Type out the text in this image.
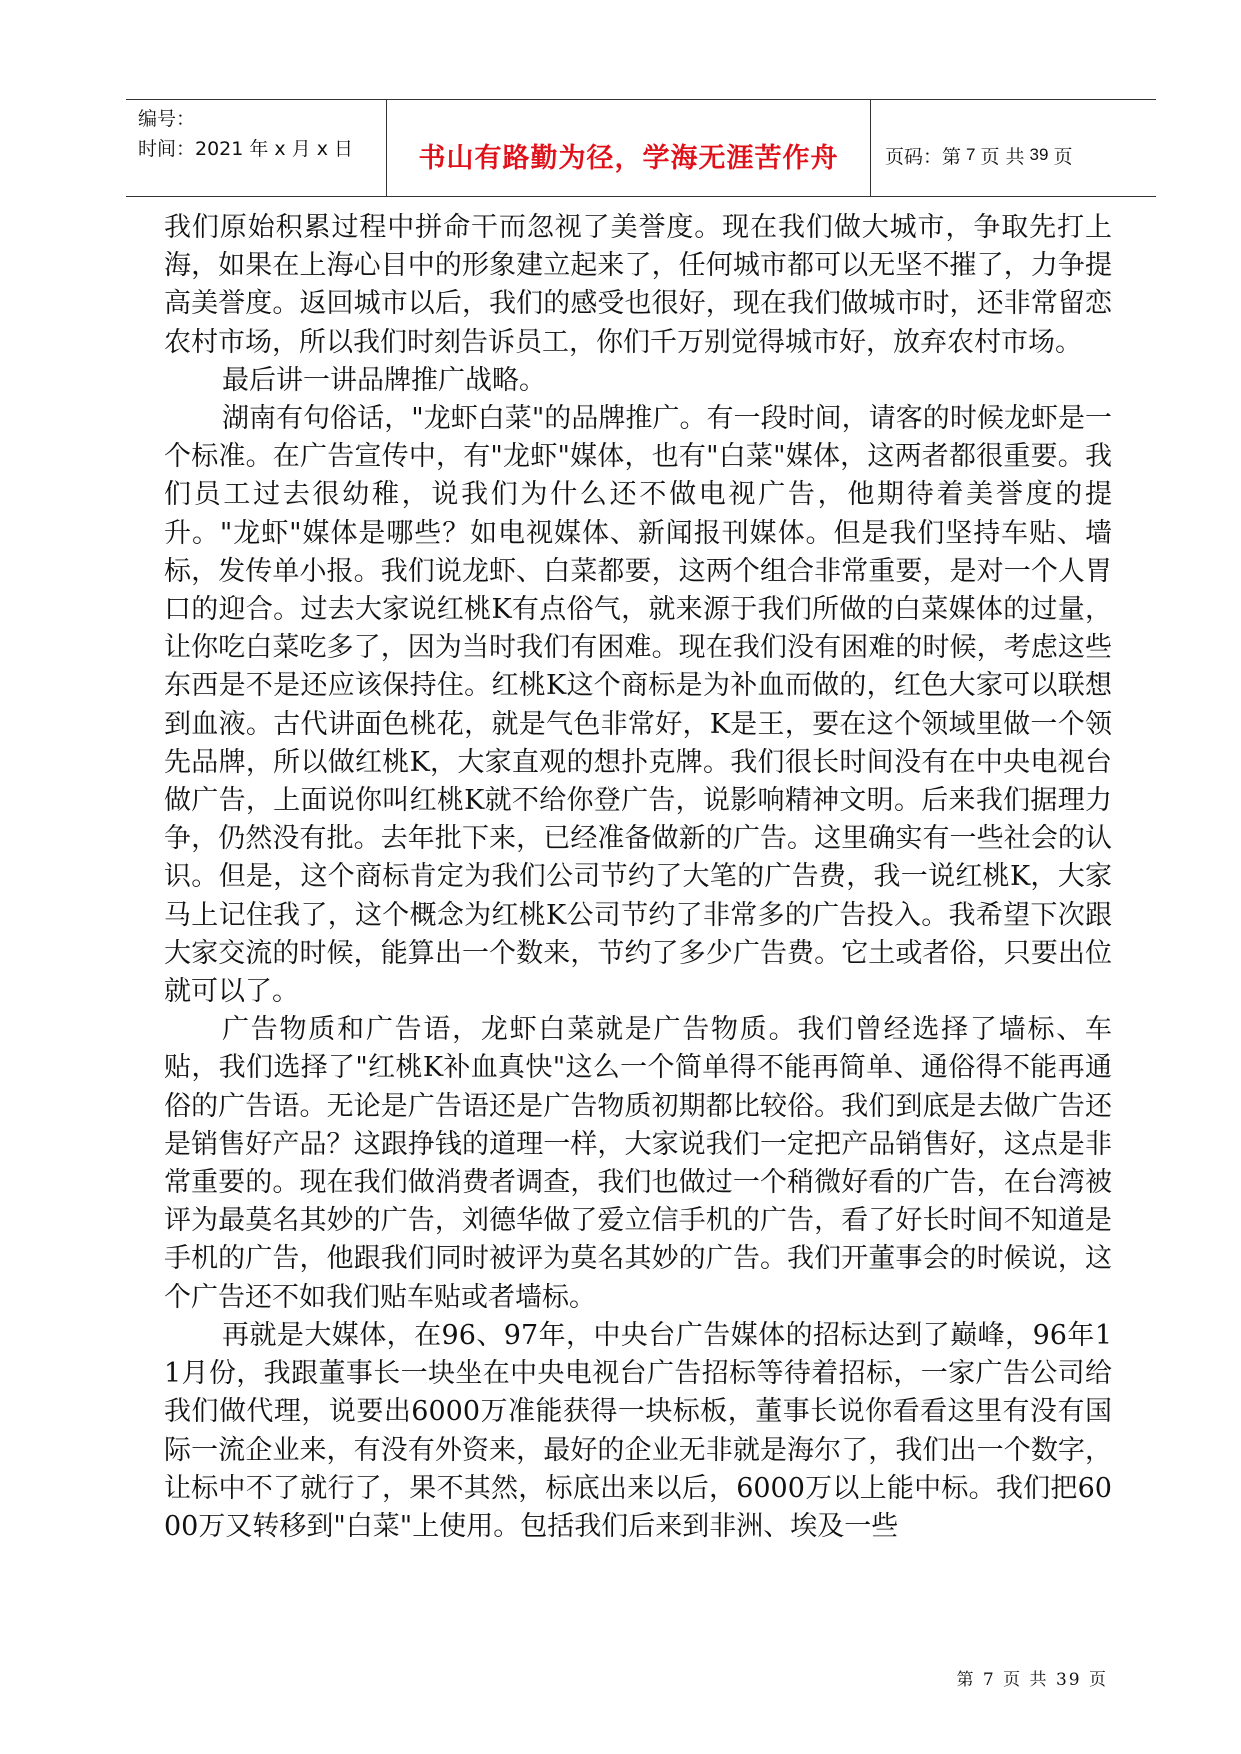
编号：
时间：2021 年 x 月 x 日	书山有路勤为径，学海无涯苦作舟 页码：第 7 页 共 39 页

我们原始积累过程中拼命干而忽视了美誉度。现在我们做大城市，争取先打上海，如果在上海心目中的形象建立起来了，任何城市都可以无坚不摧了，力争提高美誉度。返回城市以后，我们的感受也很好，现在我们做城市时，还非常留恋农村市场，所以我们时刻告诉员工，你们千万别觉得城市好，放弃农村市场。

最后讲一讲品牌推广战略。

湖南有句俗话，"龙虾白菜"的品牌推广。有一段时间，请客的时候龙虾是一个标准。在广告宣传中，有"龙虾"媒体，也有"白菜"媒体，这两者都很重要。我们员工过去很幼稚，说我们为什么还不做电视广告，他期待着美誉度的提升。"龙虾"媒体是哪些？如电视媒体、新闻报刊媒体。但是我们坚持车贴、墙标，发传单小报。我们说龙虾、白菜都要，这两个组合非常重要，是对一个人胃口的迎合。过去大家说红桃K有点俗气，就来源于我们所做的白菜媒体的过量，让你吃白菜吃多了，因为当时我们有困难。现在我们没有困难的时候，考虑这些东西是不是还应该保持住。红桃K这个商标是为补血而做的，红色大家可以联想到血液。古代讲面色桃花，就是气色非常好，K是王，要在这个领域里做一个领先品牌，所以做红桃K，大家直观的想扑克牌。我们很长时间没有在中央电视台做广告，上面说你叫红桃K就不给你登广告，说影响精神文明。后来我们据理力争，仍然没有批。去年批下来，已经准备做新的广告。这里确实有一些社会的认识。但是，这个商标肯定为我们公司节约了大笔的广告费，我一说红桃K，大家马上记住我了，这个概念为红桃K公司节约了非常多的广告投入。我希望下次跟大家交流的时候，能算出一个数来，节约了多少广告费。它土或者俗，只要出位就可以了。

广告物质和广告语，龙虾白菜就是广告物质。我们曾经选择了墙标、车贴，我们选择了"红桃K补血真快"这么一个简单得不能再简单、通俗得不能再通俗的广告语。无论是广告语还是广告物质初期都比较俗。我们到底是去做广告还是销售好产品？这跟挣钱的道理一样，大家说我们一定把产品销售好，这点是非常重要的。现在我们做消费者调查，我们也做过一个稍微好看的广告，在台湾被评为最莫名其妙的广告，刘德华做了爱立信手机的广告，看了好长时间不知道是手机的广告，他跟我们同时被评为莫名其妙的广告。我们开董事会的时候说，这个广告还不如我们贴车贴或者墙标。

再就是大媒体，在96、97年，中央台广告媒体的招标达到了巅峰，96年11月份，我跟董事长一块坐在中央电视台广告招标等待着招标，一家广告公司给我们做代理，说要出6000万准能获得一块标板，董事长说你看看这里有没有国际一流企业来，有没有外资来，最好的企业无非就是海尔了，我们出一个数字，让标中不了就行了，果不其然，标底出来以后，6000万以上能中标。我们把6000万又转移到"白菜"上使用。包括我们后来到非洲、埃及一些

第 7 页 共 39 页
